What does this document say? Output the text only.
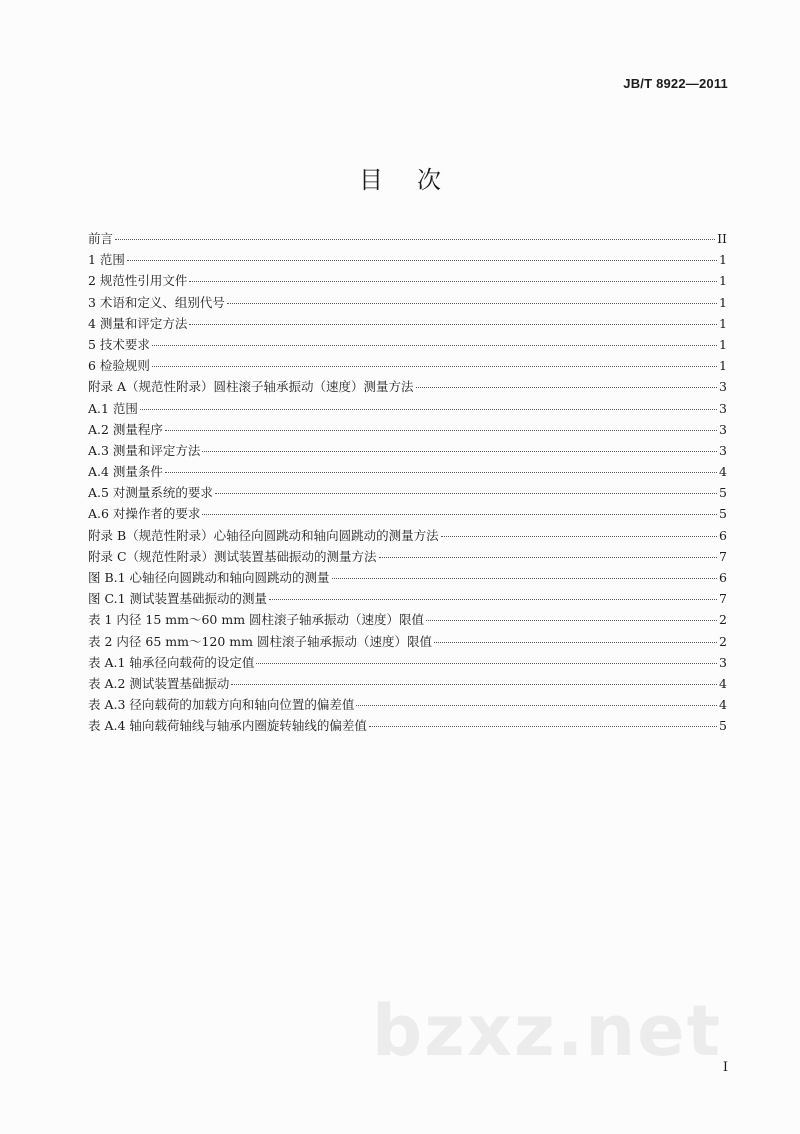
JB/T 8922—2011
目次
前言	II
1 范围	1
2 规范性引用文件	1
3 术语和定义、组别代号	1
4 测量和评定方法	1
5 技术要求	1
6 检验规则	1
附录 A（规范性附录）圆柱滚子轴承振动（速度）测量方法	3
A.1 范围	3
A.2 测量程序	3
A.3 测量和评定方法	3
A.4 测量条件	4
A.5 对测量系统的要求	5
A.6 对操作者的要求	5
附录 B（规范性附录）心轴径向圆跳动和轴向圆跳动的测量方法	6
附录 C（规范性附录）测试装置基础振动的测量方法	7
图 B.1 心轴径向圆跳动和轴向圆跳动的测量	6
图 C.1 测试装置基础振动的测量	7
表 1 内径 15 mm～60 mm 圆柱滚子轴承振动（速度）限值	2
表 2 内径 65 mm～120 mm 圆柱滚子轴承振动（速度）限值	2
表 A.1 轴承径向载荷的设定值	3
表 A.2 测试装置基础振动	4
表 A.3 径向载荷的加载方向和轴向位置的偏差值	4
表 A.4 轴向载荷轴线与轴承内圈旋转轴线的偏差值	5
bzxz.net I
